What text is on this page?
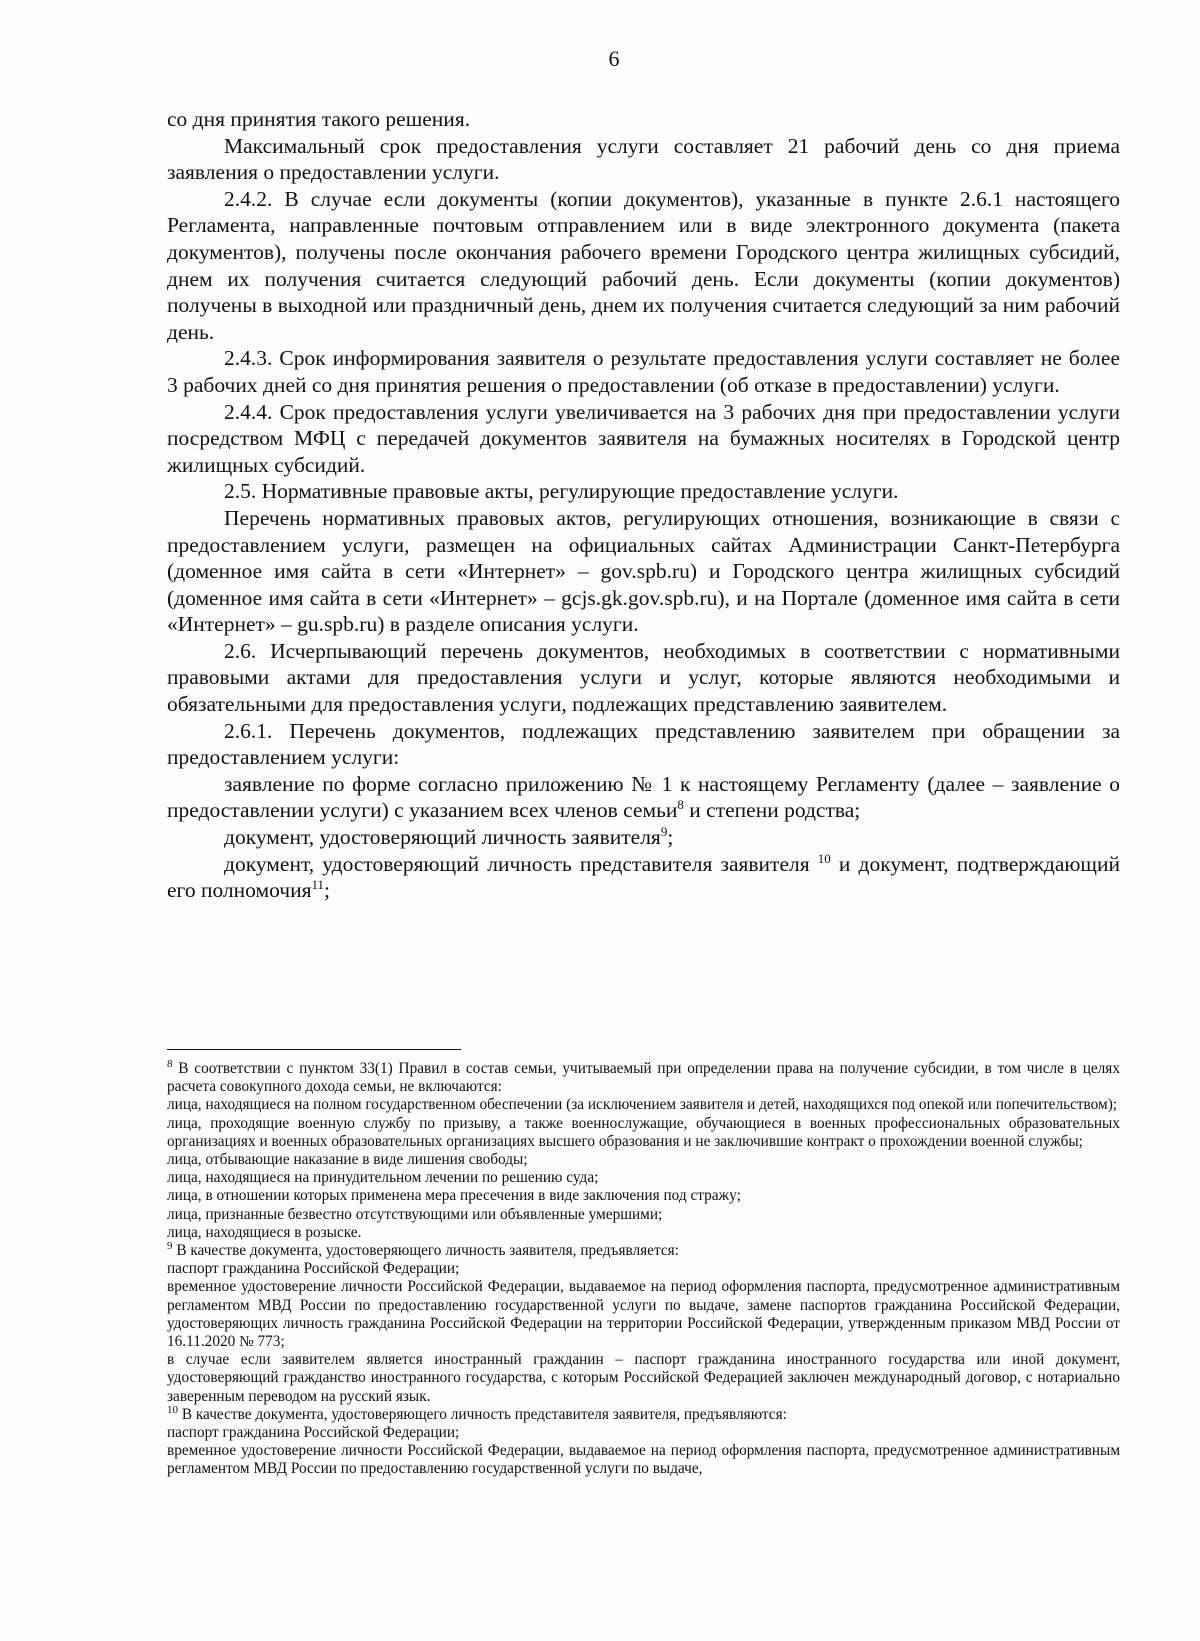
6

со дня принятия такого решения.

Максимальный срок предоставления услуги составляет 21 рабочий день со дня приема заявления о предоставлении услуги.

2.4.2. В случае если документы (копии документов), указанные в пункте 2.6.1 настоящего Регламента, направленные почтовым отправлением или в виде электронного документа (пакета документов), получены после окончания рабочего времени Городского центра жилищных субсидий, днем их получения считается следующий рабочий день. Если документы (копии документов) получены в выходной или праздничный день, днем их получения считается следующий за ним рабочий день.

2.4.3. Срок информирования заявителя о результате предоставления услуги составляет не более 3 рабочих дней со дня принятия решения о предоставлении (об отказе в предоставлении) услуги.

2.4.4. Срок предоставления услуги увеличивается на 3 рабочих дня при предоставлении услуги посредством МФЦ с передачей документов заявителя на бумажных носителях в Городской центр жилищных субсидий.

2.5. Нормативные правовые акты, регулирующие предоставление услуги.

Перечень нормативных правовых актов, регулирующих отношения, возникающие в связи с предоставлением услуги, размещен на официальных сайтах Администрации Санкт-Петербурга (доменное имя сайта в сети «Интернет» – gov.spb.ru) и Городского центра жилищных субсидий (доменное имя сайта в сети «Интернет» – gcjs.gk.gov.spb.ru), и на Портале (доменное имя сайта в сети «Интернет» – gu.spb.ru) в разделе описания услуги.

2.6. Исчерпывающий перечень документов, необходимых в соответствии с нормативными правовыми актами для предоставления услуги и услуг, которые являются необходимыми и обязательными для предоставления услуги, подлежащих представлению заявителем.

2.6.1. Перечень документов, подлежащих представлению заявителем при обращении за предоставлением услуги:

заявление по форме согласно приложению № 1 к настоящему Регламенту (далее – заявление о предоставлении услуги) с указанием всех членов семьи$^8$ и степени родства;

документ, удостоверяющий личность заявителя$^9$;

документ, удостоверяющий личность представителя заявителя $^{10}$ и документ, подтверждающий его полномочия$^{11}$;

$^8$ В соответствии с пунктом 33(1) Правил в состав семьи, учитываемый при определении права на получение субсидии, в том числе в целях расчета совокупного дохода семьи, не включаются:

лица, находящиеся на полном государственном обеспечении (за исключением заявителя и детей, находящихся под опекой или попечительством);

лица, проходящие военную службу по призыву, а также военнослужащие, обучающиеся в военных профессиональных образовательных организациях и военных образовательных организациях высшего образования и не заключившие контракт о прохождении военной службы;

лица, отбывающие наказание в виде лишения свободы;

лица, находящиеся на принудительном лечении по решению суда;

лица, в отношении которых применена мера пресечения в виде заключения под стражу;

лица, признанные безвестно отсутствующими или объявленные умершими;

лица, находящиеся в розыске.

$^9$ В качестве документа, удостоверяющего личность заявителя, предъявляется:

паспорт гражданина Российской Федерации;

временное удостоверение личности Российской Федерации, выдаваемое на период оформления паспорта, предусмотренное административным регламентом МВД России по предоставлению государственной услуги по выдаче, замене паспортов гражданина Российской Федерации, удостоверяющих личность гражданина Российской Федерации на территории Российской Федерации, утвержденным приказом МВД России от 16.11.2020 № 773;

в случае если заявителем является иностранный гражданин – паспорт гражданина иностранного государства или иной документ, удостоверяющий гражданство иностранного государства, с которым Российской Федерацией заключен международный договор, с нотариально заверенным переводом на русский язык.

$^{10}$ В качестве документа, удостоверяющего личность представителя заявителя, предъявляются:

паспорт гражданина Российской Федерации;

временное удостоверение личности Российской Федерации, выдаваемое на период оформления паспорта, предусмотренное административным регламентом МВД России по предоставлению государственной услуги по выдаче,
